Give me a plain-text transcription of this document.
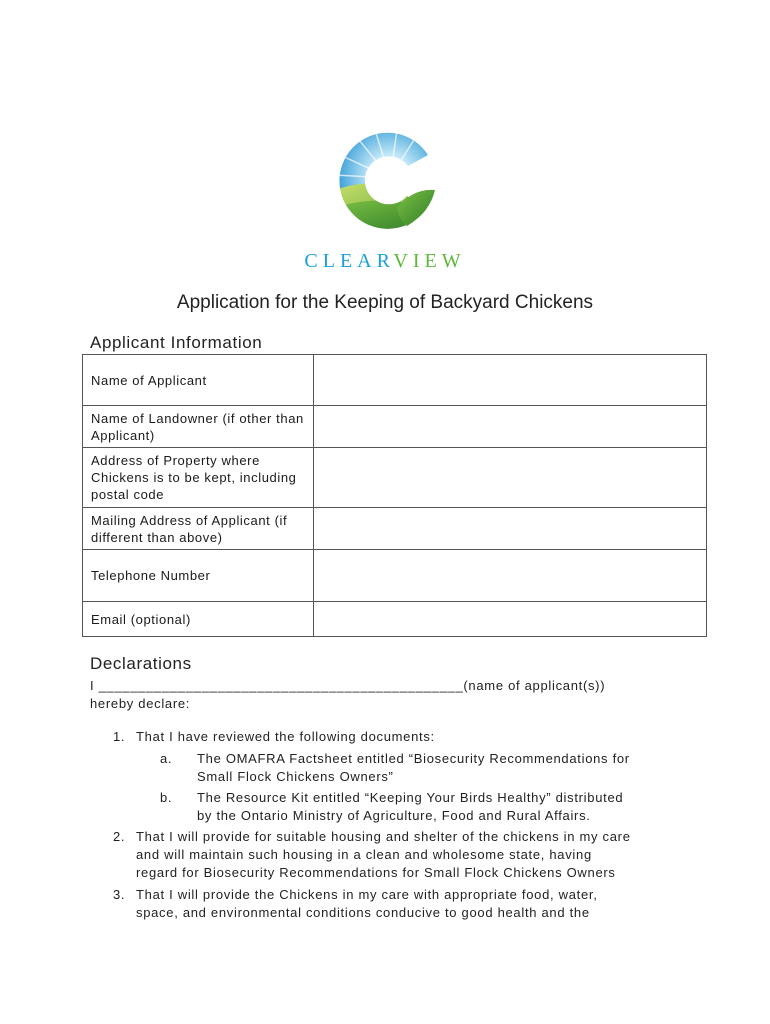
CLEARVIEW
Application for the Keeping of Backyard Chickens
Applicant Information
Name of Applicant	
Name of Landowner (if other than Applicant)	
Address of Property where Chickens is to be kept, including postal code	
Mailing Address of Applicant (if different than above)	
Telephone Number	
Email (optional)	
Declarations
I ______________________________________________(name of applicant(s))
hereby declare:
1. That I have reviewed the following documents:
a. The OMAFRA Factsheet entitled “Biosecurity Recommendations for
Small Flock Chickens Owners”
b. The Resource Kit entitled “Keeping Your Birds Healthy” distributed
by the Ontario Ministry of Agriculture, Food and Rural Affairs.
2. That I will provide for suitable housing and shelter of the chickens in my care
and will maintain such housing in a clean and wholesome state, having
regard for Biosecurity Recommendations for Small Flock Chickens Owners
3. That I will provide the Chickens in my care with appropriate food, water,
space, and environmental conditions conducive to good health and the
